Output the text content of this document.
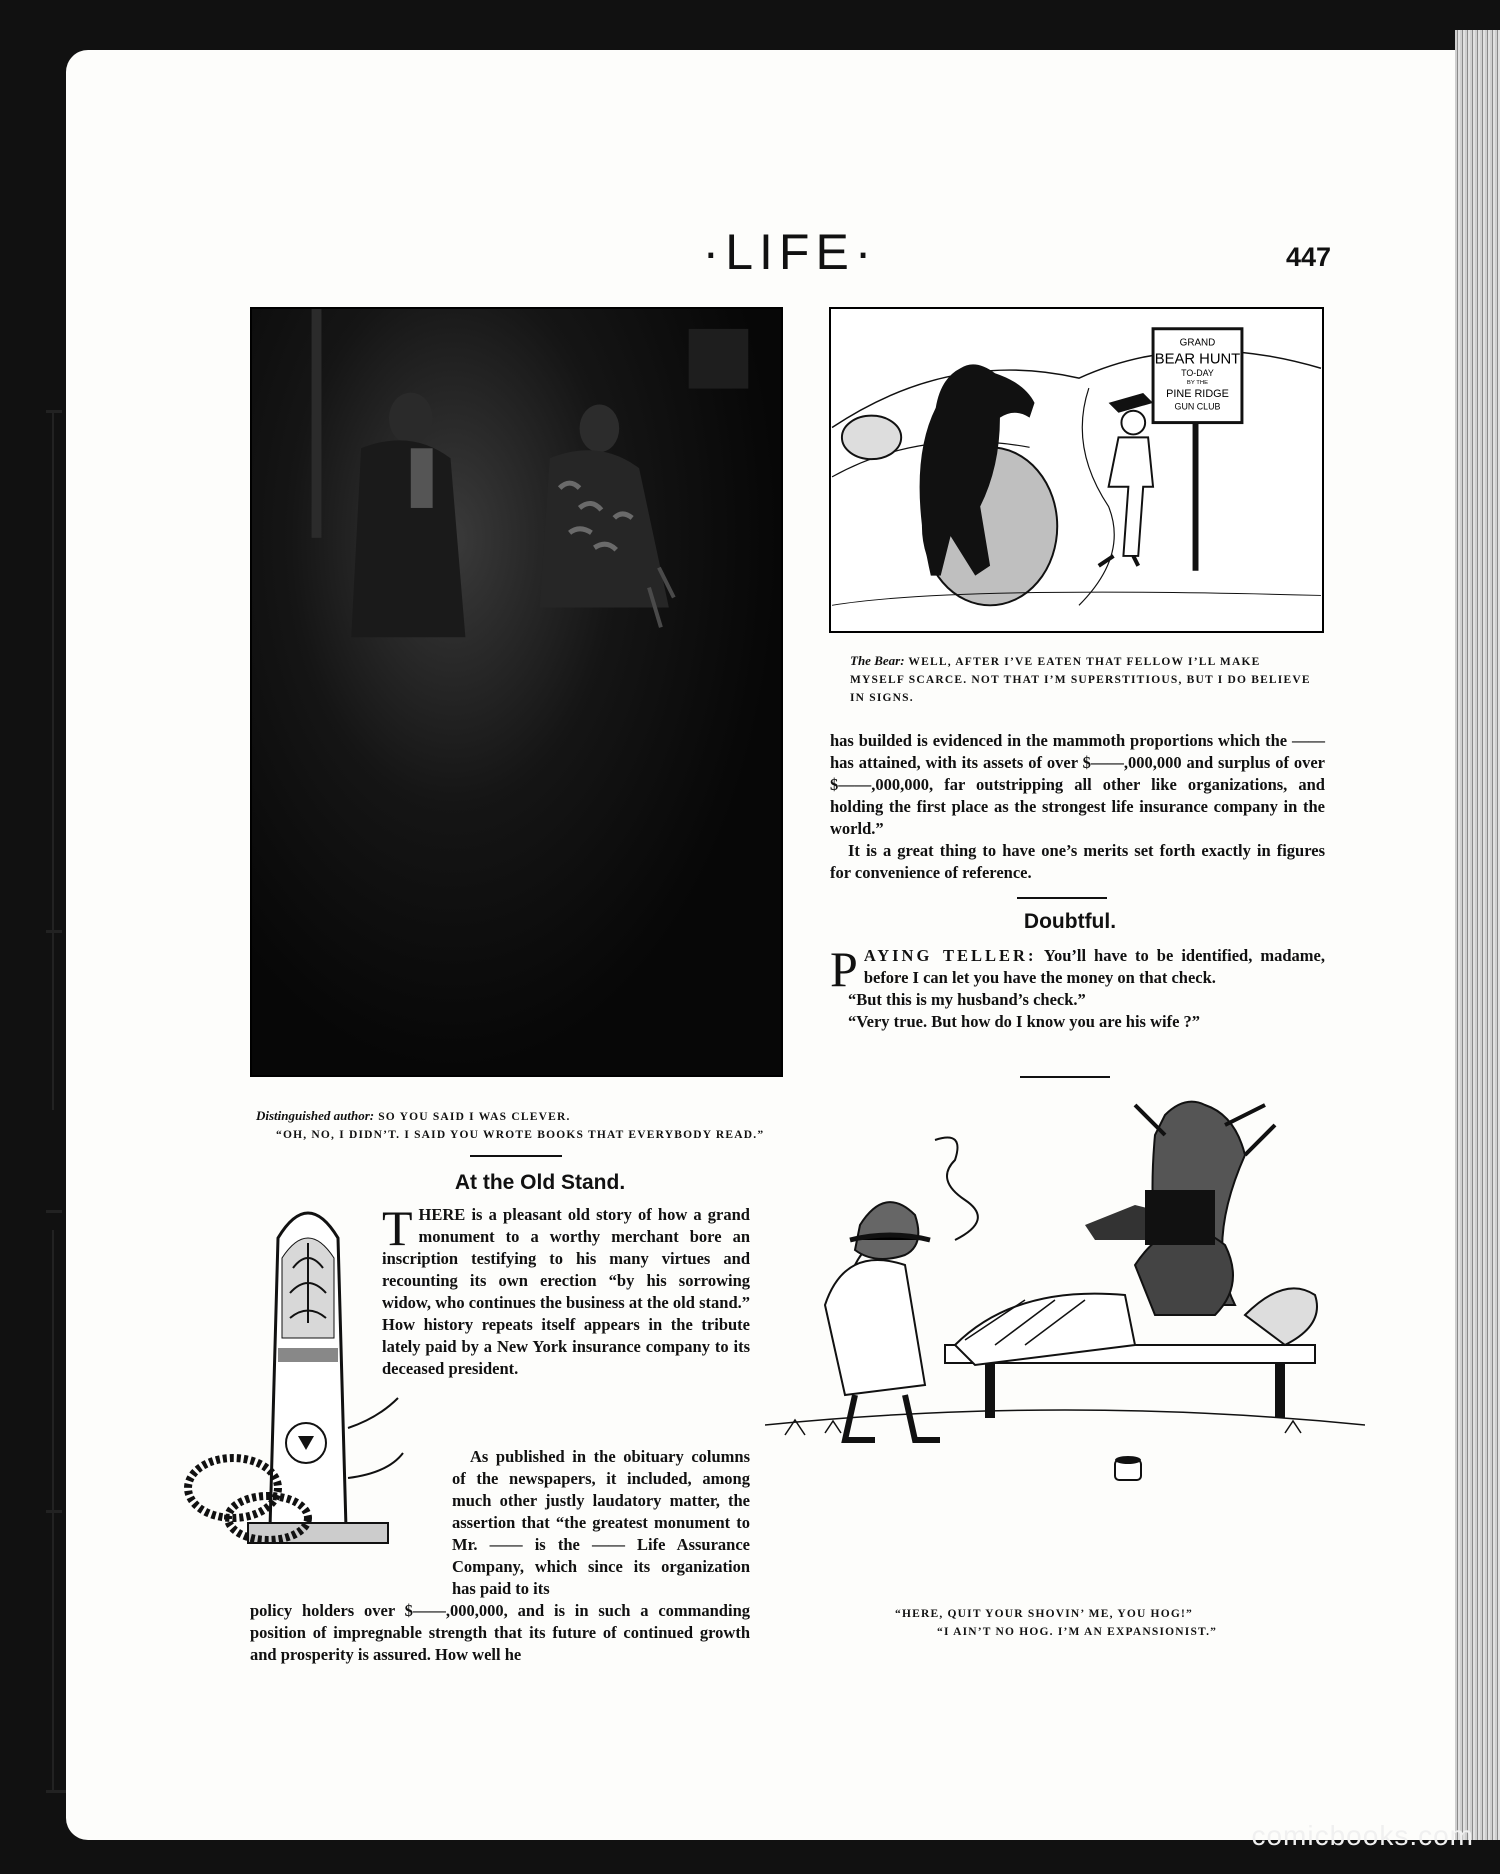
·LIFE·	447
Distinguished author: SO YOU SAID I WAS CLEVER.
“OH, NO, I DIDN’T. I SAID YOU WROTE BOOKS THAT EVERYBODY READ.”
At the Old Stand.
THERE is a pleasant old story of how a grand monument to a worthy merchant bore an inscription testifying to his many virtues and recounting its own erection “by his sorrowing widow, who continues the business at the old stand.” How history repeats itself appears in the tribute lately paid by a New York insurance company to its deceased president.

As published in the obituary columns of the newspapers, it included, among much other justly laudatory matter, the assertion that “the greatest monument to Mr. —— is the —— Life Assurance Company, which since its organization has paid to its

policy holders over $——,000,000, and is in such a commanding position of impregnable strength that its future of continued growth and prosperity is assured. How well he

GRAND
BEAR HUNT
TO-DAY
BY THE
PINE RIDGE
GUN CLUB
The Bear: WELL, AFTER I’VE EATEN THAT FELLOW I’LL MAKE
MYSELF SCARCE. NOT THAT I’M SUPERSTITIOUS, BUT I DO BELIEVE
IN SIGNS.

has builded is evidenced in the mammoth proportions which the —— has attained, with its assets of over $——,000,000 and surplus of over $——,000,000, far outstripping all other like organizations, and holding the first place as the strongest life insurance company in the world.”

It is a great thing to have one’s merits set forth exactly in figures for convenience of reference.

Doubtful.

PAYING TELLER: You’ll have to be identified, madame, before I can let you have the money on that check.

“But this is my husband’s check.”

“Very true. But how do I know you are his wife ?”

“HERE, QUIT YOUR SHOVIN’ ME, YOU HOG!”
“I AIN’T NO HOG. I’M AN EXPANSIONIST.”
comicbooks.com
